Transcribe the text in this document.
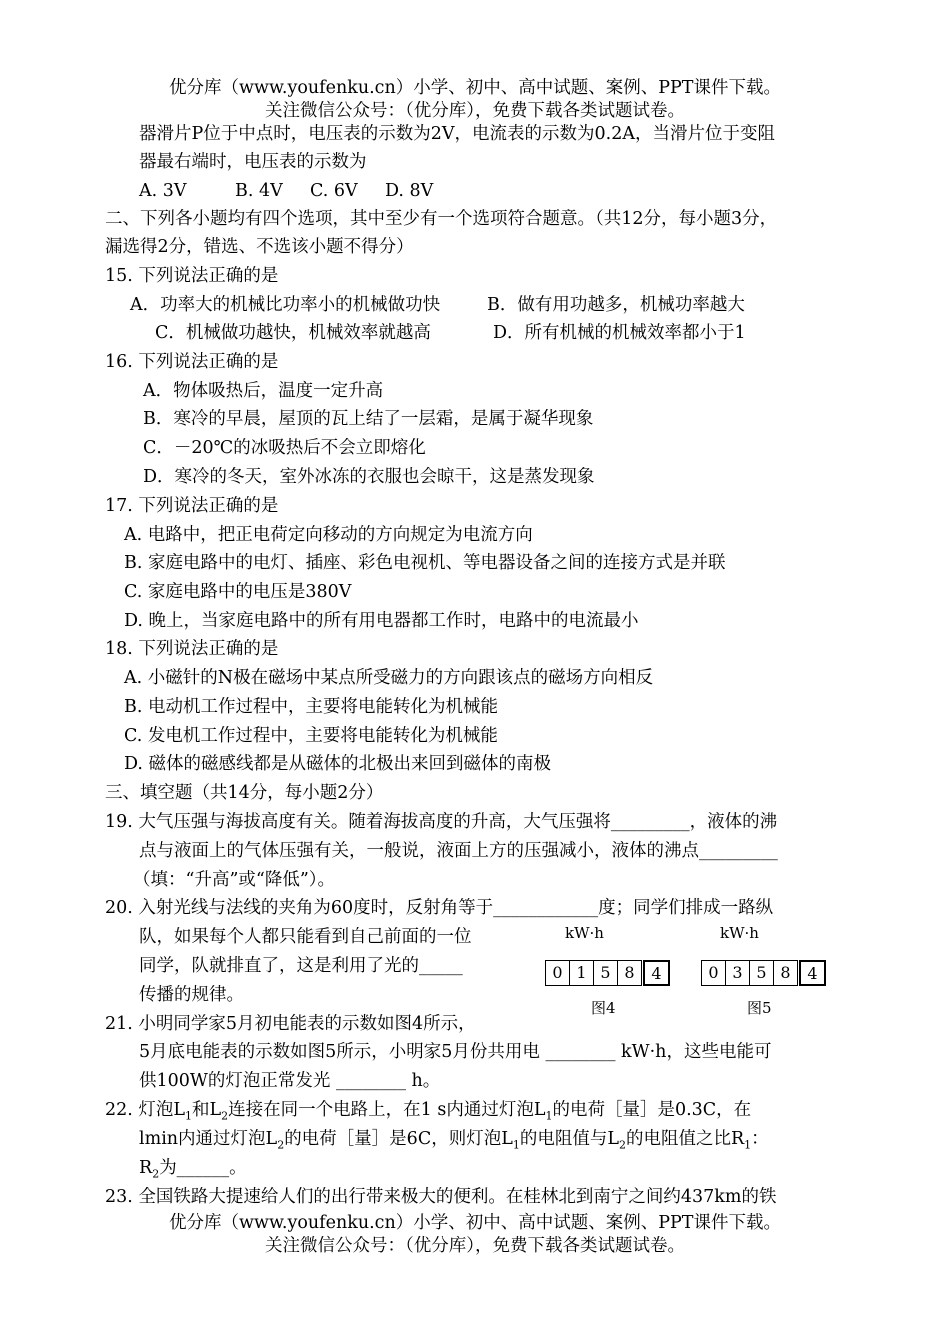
优分库（www.youfenku.cn）小学、初中、高中试题、案例、PPT课件下载。
关注微信公众号：（优分库），免费下载各类试题试卷。
器滑片P位于中点时，电压表的示数为2V，电流表的示数为0.2A，当滑片位于变阻
器最右端时，电压表的示数为
A. 3V	B. 4V C. 6V D. 8V
二、下列各小题均有四个选项，其中至少有一个选项符合题意。（共12分，每小题3分，
漏选得2分，错选、不选该小题不得分）
15. 下列说法正确的是
A．功率大的机械比功率小的机械做功快	B．做有用功越多，机械功率越大
C．机械做功越快，机械效率就越高	D．所有机械的机械效率都小于1
16. 下列说法正确的是
A．物体吸热后，温度一定升高
B．寒冷的早晨，屋顶的瓦上结了一层霜，是属于凝华现象
C．－20℃的冰吸热后不会立即熔化
D．寒冷的冬天，室外冰冻的衣服也会晾干，这是蒸发现象
17. 下列说法正确的是
A. 电路中，把正电荷定向移动的方向规定为电流方向
B. 家庭电路中的电灯、插座、彩色电视机、等电器设备之间的连接方式是并联
C. 家庭电路中的电压是380V
D. 晚上，当家庭电路中的所有用电器都工作时，电路中的电流最小
18. 下列说法正确的是
A. 小磁针的N极在磁场中某点所受磁力的方向跟该点的磁场方向相反
B. 电动机工作过程中，主要将电能转化为机械能
C. 发电机工作过程中，主要将电能转化为机械能
D. 磁体的磁感线都是从磁体的北极出来回到磁体的南极
三、填空题（共14分，每小题2分）
19. 大气压强与海拔高度有关。随着海拔高度的升高，大气压强将_________，液体的沸
点与液面上的气体压强有关，一般说，液面上方的压强减小，液体的沸点_________
（填：“升高”或“降低”）。
20. 入射光线与法线的夹角为60度时，反射角等于____________度；同学们排成一路纵
队，如果每个人都只能看到自己前面的一位
同学，队就排直了，这是利用了光的_____
传播的规律。
kW·h
0 1 5 8	4
图4
kW·h
0 3 5 8	4
图5
21. 小明同学家5月初电能表的示数如图4所示，
5月底电能表的示数如图5所示，小明家5月份共用电 ________ kW·h，这些电能可
供100W的灯泡正常发光 ________ h。
22. 灯泡$L_1$和$L_2$连接在同一个电路上，在1 s内通过灯泡$L_1$的电荷［量］是0.3C，在
lmin内通过灯泡$L_2$的电荷［量］是6C，则灯泡$L_1$的电阻值与$L_2$的电阻值之比$R_1$：
$R_2$为______。
23. 全国铁路大提速给人们的出行带来极大的便利。在桂林北到南宁之间约437km的铁
优分库（www.youfenku.cn）小学、初中、高中试题、案例、PPT课件下载。
关注微信公众号：（优分库），免费下载各类试题试卷。
